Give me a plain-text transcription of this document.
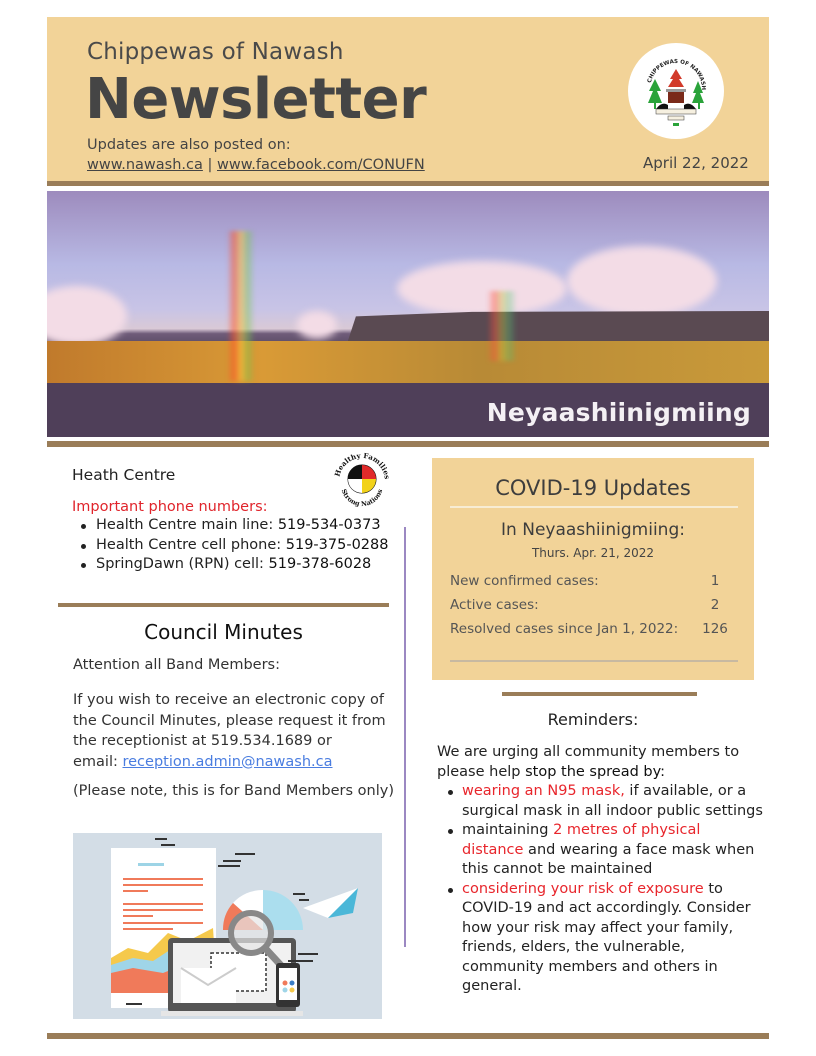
Chippewas of Nawash
Newsletter
Updates are also posted on:
www.nawash.ca | www.facebook.com/CONUFN
CHIPPEWAS OF NAWASH
April 22, 2022
Neyaashiinigmiing
Heath Centre	Healthy Families
Strong Nations
Important phone numbers:
Health Centre main line: 519-534-0373
Health Centre cell phone: 519-375-0288
SpringDawn (RPN) cell: 519-378-6028
Council Minutes
Attention all Band Members:
If you wish to receive an electronic copy of the Council Minutes, please request it from the receptionist at 519.534.1689 or
email: reception.admin@nawash.ca
(Please note, this is for Band Members only)
COVID-19 Updates
In Neyaashiinigmiing:
Thurs. Apr. 21, 2022
New confirmed cases:	1
Active cases:	2
Resolved cases since Jan 1, 2022:	126
Reminders:
We are urging all community members to please help stop the spread by:
wearing an N95 mask, if available, or a surgical mask in all indoor public settings
maintaining 2 metres of physical distance and wearing a face mask when this cannot be maintained
considering your risk of exposure to COVID-19 and act accordingly. Consider how your risk may affect your family, friends, elders, the vulnerable, community members and others in general.
